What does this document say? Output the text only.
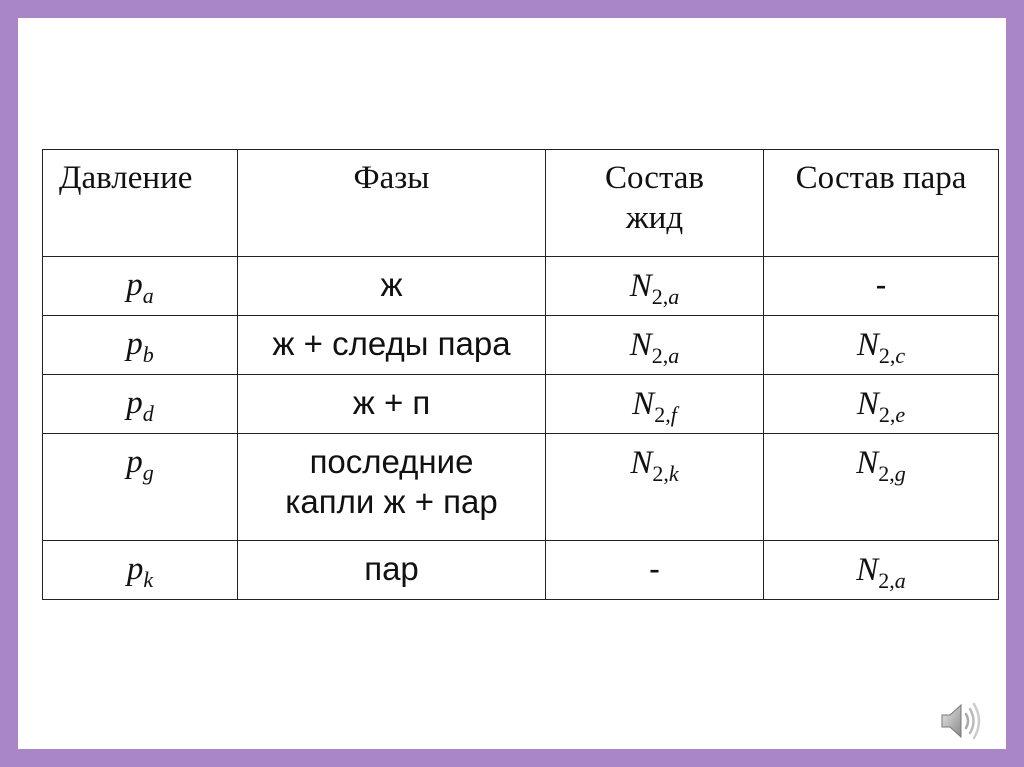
Давление	Фазы	Состав жид	Состав пара
$p_a$	ж	$N_{2,a}$	-
$p_b$	ж + следы пара	$N_{2,a}$	$N_{2,c}$
$p_d$	ж + п	$N_{2,f}$	$N_{2,e}$
$p_g$	последние капли ж + пар	$N_{2,k}$	$N_{2,g}$
$p_k$	пар	-	$N_{2,a}$
